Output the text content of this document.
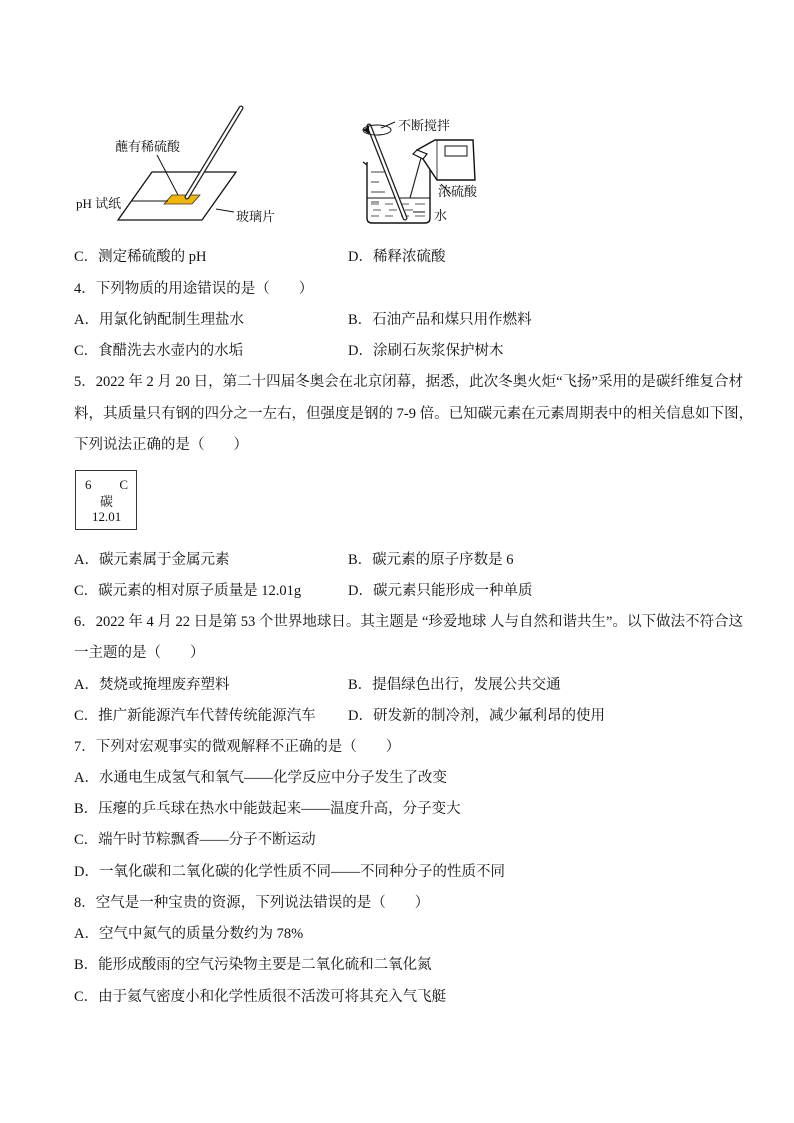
蘸有稀硫酸
pH 试纸
玻璃片
不断搅拌
浓硫酸
水
C．测定稀硫酸的 pH	D．稀释浓硫酸
4．下列物质的用途错误的是（　　）
A．用氯化钠配制生理盐水	B．石油产品和煤只用作燃料
C．食醋洗去水壶内的水垢	D．涂刷石灰浆保护树木
5．2022 年 2 月 20 日，第二十四届冬奥会在北京闭幕，据悉，此次冬奥火炬“飞扬”采用的是碳纤维复合材
料，其质量只有钢的四分之一左右，但强度是钢的 7-9 倍。已知碳元素在元素周期表中的相关信息如下图，
下列说法正确的是（　　）
6 C
碳
12.01
A．碳元素属于金属元素	B．碳元素的原子序数是 6
C．碳元素的相对原子质量是 12.01g	D．碳元素只能形成一种单质
6．2022 年 4 月 22 日是第 53 个世界地球日。其主题是 “珍爱地球 人与自然和谐共生”。以下做法不符合这
一主题的是（　　）
A．焚烧或掩埋废弃塑料	B．提倡绿色出行，发展公共交通
C．推广新能源汽车代替传统能源汽车 D．研发新的制冷剂，减少氟利昂的使用
7．下列对宏观事实的微观解释不正确的是（　　）
A．水通电生成氢气和氧气——化学反应中分子发生了改变
B．压瘪的乒乓球在热水中能鼓起来——温度升高，分子变大
C．端午时节粽飘香——分子不断运动
D．一氧化碳和二氧化碳的化学性质不同——不同种分子的性质不同
8．空气是一种宝贵的资源，下列说法错误的是（　　）
A．空气中氮气的质量分数约为 78%
B．能形成酸雨的空气污染物主要是二氧化硫和二氧化氮
C．由于氦气密度小和化学性质很不活泼可将其充入气飞艇
